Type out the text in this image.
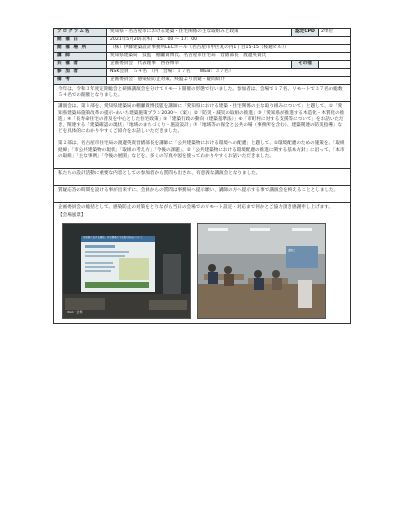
プログラム名	愛知県・名古屋市における建築・住宅関係の主な取組みと政策	認定CPD	2単位
開 催 日	2021年5月20日(木)　15：00 ～ 17：00
開 催 場 所	（株）伊藤建築設計事務所LECホール（名古屋市中区丸の内1丁目15-15（桜通ビル））
講 師	愛知県建築局　技監　棚瀬貴博氏、名古屋市住宅局　営繕部長　渡邊英貴氏
共 催 者	企画委員会　代表理事　西谷博幸	その他
参 加 者	NSK会員　５４名　（内　会場：１７名　　WEB：３７名）
備 考	企画委員会：感染症防止対策、終盤より質疑・疑問紹介

今年は、令和３年度定期総会と研修講演会を分けてリモート開催の形態で行いました。参加者は、会場で１７名、リモートで３７名の総数５４名での開催となりました。

講演会は、第１部を、愛知県建築局の棚瀬貴博技監を講師に「愛知県における建築・住宅関係の主な取り組みについて」と題して、①「愛知県建築局施策改革の提示ｰあいち建築施策プラン2030～（案）」②「防災・減災の取組の推進」③「愛知県が推進する木造化・木質化の推進」④「長寿命住宅の普及を中心とした住宅政策」⑤「建築行政の動向（建築基準法）」⑥「市町村に対する支援等について」をお話いただき、関連する「建築確認の現状」「地域のまちづくり・施設設計」⑦「地域等の保全と公共の場（事務所を含む）、建築関連の防災指導」などを具体的にわかりやすくご紹介をお話しいただきました。

第２部は、名古屋市住宅局の渡邊英貴営繕部長を講師に「公共建築物における環境への配慮」と題して、①環境配慮のための施策を、「取組経緯」「市公共建築物の現状」「取組の考え方」「今後の課題」、②「公共建築物における環境配慮の推進に関する基本方針」に沿って、「本市の取組」「主な事例」「今後の展開」などを、多くの写真や図を使ってわかりやすくお話いただきました。

私たちの設計活動に重要な内容としての参加者から質問も出され、有意義な講演会となりました。

質疑応答の時間を設ける事が出来ずに、会員からの質問は事務局へ提示願い、講師の方へ提示する事で講演会を終えることとしました。

企画委員会の総括として、感染防止の対策をとりながら当日の会場でのリモート設定・対応まで何かとご協力頂き感謝申し上げます。

【会場風景】

愛知県における建築・住宅関係の主な取り組みについて
Web・会場
講演会
